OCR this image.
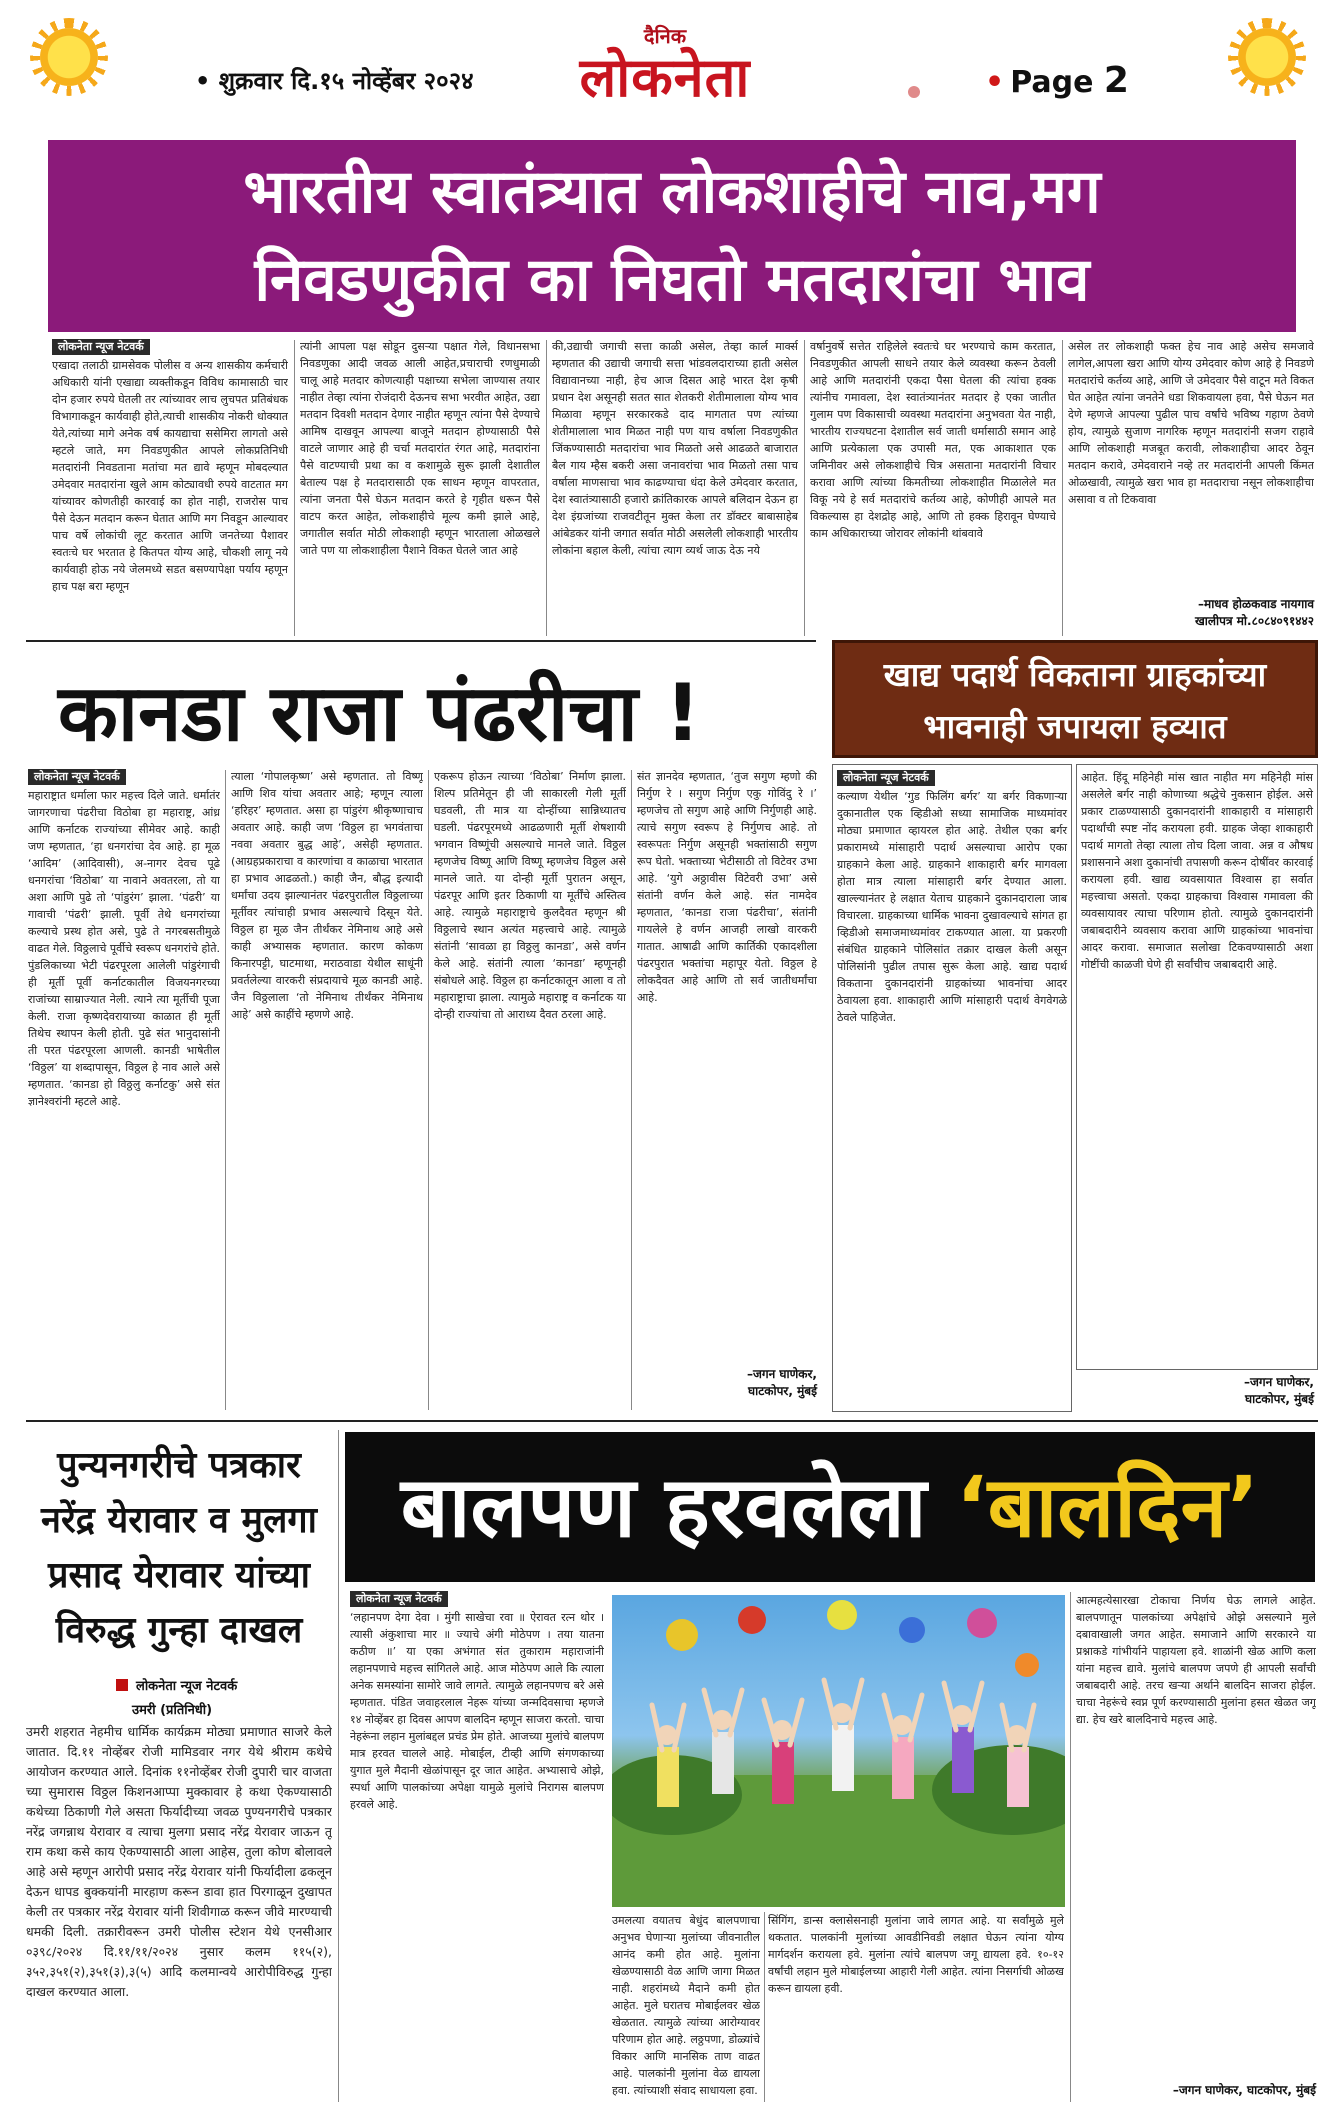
• शुक्रवार दि.१५ नोव्हेंबर २०२४
दैनिक
लोकनेता	• Page 2
भारतीय स्वातंत्र्यात लोकशाहीचे नाव,मग
निवडणुकीत का निघतो मतदारांचा भाव
लोकनेता न्यूज नेटवर्क

एखादा तलाठी ग्रामसेवक पोलीस व अन्य शासकीय कर्मचारी अधिकारी यांनी एखाद्या व्यक्तीकडून विविध कामासाठी चार दोन हजार रुपये घेतली तर त्यांच्यावर लाच लुचपत प्रतिबंधक विभागाकडून कार्यवाही होते,त्याची शासकीय नोकरी धोक्यात येते,त्यांच्या मागे अनेक वर्ष कायद्याचा ससेमिरा लागतो असे म्हटले जाते, मग निवडणुकीत आपले लोकप्रतिनिधी मतदारांनी निवडताना मतांचा मत द्यावे म्हणून मोबदल्यात उमेदवार मतदारांना खुले आम कोट्यावधी रुपये वाटतात मग यांच्यावर कोणतीही कारवाई का होत नाही, राजरोस पाच पैसे देऊन मतदान करून घेतात आणि मग निवडून आल्यावर पाच वर्षे लोकांची लूट करतात आणि जनतेच्या पैशावर स्वतःचे घर भरतात हे कितपत योग्य आहे, चौकशी लागू नये कार्यवाही होऊ नये जेलमध्ये सडत बसण्यापेक्षा पर्याय म्हणून हाच पक्ष बरा म्हणून

त्यांनी आपला पक्ष सोडून दुसऱ्या पक्षात गेले, विधानसभा निवडणुका आदी जवळ आली आहेत,प्रचाराची रणधुमाळी चालू आहे मतदार कोणत्याही पक्षाच्या सभेला जाण्यास तयार नाहीत तेव्हा त्यांना रोजंदारी देऊनच सभा भरवीत आहेत, उद्या मतदान दिवशी मतदान देणार नाहीत म्हणून त्यांना पैसे देण्याचे आमिष दाखवून आपल्या बाजूने मतदान होण्यासाठी पैसे वाटले जाणार आहे ही चर्चा मतदारांत रंगत आहे, मतदारांना पैसे वाटण्याची प्रथा का व कशामुळे सुरू झाली देशातील बेताल्य पक्ष हे मतदारासाठी एक साधन म्हणून वापरतात, त्यांना जनता पैसे घेऊन मतदान करते हे गृहीत धरून पैसे वाटप करत आहेत, लोकशाहीचे मूल्य कमी झाले आहे, जगातील सर्वात मोठी लोकशाही म्हणून भारताला ओळखले जाते पण या लोकशाहीला पैशाने विकत घेतले जात आहे

की,उद्याची जगाची सत्ता काळी असेल, तेव्हा कार्ल मार्क्स म्हणतात की उद्याची जगाची सत्ता भांडवलदाराच्या हाती असेल विद्यावानच्या नाही, हेच आज दिसत आहे भारत देश कृषी प्रधान देश असूनही सतत सात शेतकरी शेतीमालाला योग्य भाव मिळावा म्हणून सरकारकडे दाद मागतात पण त्यांच्या शेतीमालाला भाव मिळत नाही पण याच वर्षाला निवडणुकीत जिंकण्यासाठी मतदारांचा भाव मिळतो असे आढळते बाजारात बैल गाय म्हैस बकरी असा जनावरांचा भाव मिळतो तसा पाच वर्षाला माणसाचा भाव काढण्याचा धंदा केले उमेदवार करतात, देश स्वातंत्र्यासाठी हजारो क्रांतिकारक आपले बलिदान देऊन हा देश इंग्रजांच्या राजवटीतून मुक्त केला तर डॉक्टर बाबासाहेब आंबेडकर यांनी जगात सर्वात मोठी असलेली लोकशाही भारतीय लोकांना बहाल केली, त्यांचा त्याग व्यर्थ जाऊ देऊ नये

वर्षानुवर्षे सत्तेत राहिलेले स्वतःचे घर भरण्याचे काम करतात, निवडणुकीत आपली साधने तयार केले व्यवस्था करून ठेवली आहे आणि मतदारांनी एकदा पैसा घेतला की त्यांचा हक्क त्यांनीच गमावला, देश स्वातंत्र्यानंतर मतदार हे एका जातीत गुलाम पण विकासाची व्यवस्था मतदारांना अनुभवता येत नाही, भारतीय राज्यघटना देशातील सर्व जाती धर्मासाठी समान आहे आणि प्रत्येकाला एक उपासी मत, एक आकाशात एक जमिनीवर असे लोकशाहीचे चित्र असताना मतदारांनी विचार करावा आणि त्यांच्या किमतीच्या लोकशाहीत मिळालेले मत विकू नये हे सर्व मतदारांचे कर्तव्य आहे, कोणीही आपले मत विकल्यास हा देशद्रोह आहे, आणि तो हक्क हिरावून घेण्याचे काम अधिकाराच्या जोरावर लोकांनी थांबवावे

असेल तर लोकशाही फक्त हेच नाव आहे असेच समजावे लागेल,आपला खरा आणि योग्य उमेदवार कोण आहे हे निवडणे मतदारांचे कर्तव्य आहे, आणि जे उमेदवार पैसे वाटून मते विकत घेत आहेत त्यांना जनतेने धडा शिकवायला हवा, पैसे घेऊन मत देणे म्हणजे आपल्या पुढील पाच वर्षांचे भविष्य गहाण ठेवणे होय, त्यामुळे सुजाण नागरिक म्हणून मतदारांनी सजग राहावे आणि लोकशाही मजबूत करावी, लोकशाहीचा आदर ठेवून मतदान करावे, उमेदवाराने नव्हे तर मतदारांनी आपली किंमत ओळखावी, त्यामुळे खरा भाव हा मतदाराचा नसून लोकशाहीचा असावा व तो टिकवावा

–माधव होळकवाड नायगाव
खालीपत्र मो.८०८४०९१४४२
कानडा राजा पंढरीचा !
लोकनेता न्यूज नेटवर्क

महाराष्ट्रात धर्माला फार महत्त्व दिले जाते. धर्मातंर जागरणाचा पंढरीचा विठोबा हा महाराष्ट्र, आंध्र आणि कर्नाटक राज्यांच्या सीमेवर आहे. काही जण म्हणतात, ‘हा धनगरांचा देव आहे. हा मूळ ‘आदिम’ (आदिवासी), अ-नागर देवच पूढे धनगरांचा ‘विठोबा’ या नावाने अवतरला, तो या अशा आणि पुढे तो ‘पांडुरंग’ झाला. ‘पंढरी’ या गावाची ‘पंढरी’ झाली. पूर्वी तेथे धनगरांच्या कल्याचे प्रस्थ होत असे, पुढे ते नगरबसतीमुळे वाढत गेले. विठ्ठलाचे पूर्वीचे स्वरूप धनगरांचे होते. पुंडलिकाच्या भेटी पंढरपूरला आलेली पांडुरंगाची ही मूर्ती पूर्वी कर्नाटकातील विजयनगरच्या राजांच्या साम्राज्यात नेली. त्याने त्या मूर्तीची पूजा केली. राजा कृष्णदेवरायाच्या काळात ही मूर्ती तिथेच स्थापन केली होती. पुढे संत भानुदासांनी ती परत पंढरपूरला आणली. कानडी भाषेतील ‘विठ्ठल’ या शब्दापासून, विठ्ठल हे नाव आले असे म्हणतात. ‘कानडा हो विठ्ठलु कर्नाटकु’ असे संत ज्ञानेश्वरांनी म्हटले आहे.

त्याला ‘गोपालकृष्ण’ असे म्हणतात. तो विष्णू आणि शिव यांचा अवतार आहे; म्हणून त्याला ‘हरिहर’ म्हणतात. असा हा पांडुरंग श्रीकृष्णाचाच अवतार आहे. काही जण ‘विठ्ठल हा भगवंताचा नववा अवतार बुद्ध आहे’, असेही म्हणतात. (आग्रहप्रकाराचा व कारणांचा व काळाचा भारतात हा प्रभाव आढळतो.) काही जैन, बौद्ध इत्यादी धर्मांचा उदय झाल्यानंतर पंढरपुरातील विठ्ठलाच्या मूर्तीवर त्यांचाही प्रभाव असल्याचे दिसून येते. विठ्ठल हा मूळ जैन तीर्थंकर नेमिनाथ आहे असे काही अभ्यासक म्हणतात. कारण कोकण किनारपट्टी, घाटमाथा, मराठवाडा येथील साधूंनी प्रवर्तलेल्या वारकरी संप्रदायाचे मूळ कानडी आहे. जैन विठ्ठलाला ‘तो नेमिनाथ तीर्थंकर नेमिनाथ आहे’ असे काहींचे म्हणणे आहे.

एकरूप होऊन त्याच्या ‘विठोबा’ निर्माण झाला. शिल्प प्रतिमेतून ही जी साकारली गेली मूर्ती घडवली, ती मात्र या दोन्हींच्या सान्निध्यातच घडली. पंढरपूरमध्ये आढळणारी मूर्ती शेषशायी भगवान विष्णूंची असल्याचे मानले जाते. विठ्ठल म्हणजेच विष्णू आणि विष्णू म्हणजेच विठ्ठल असे मानले जाते. या दोन्ही मूर्ती पुरातन असून, पंढरपूर आणि इतर ठिकाणी या मूर्तींचे अस्तित्व आहे. त्यामुळे महाराष्ट्राचे कुलदैवत म्हणून श्री विठ्ठलाचे स्थान अत्यंत महत्त्वाचे आहे. त्यामुळे संतांनी ‘सावळा हा विठ्ठलु कानडा’, असे वर्णन केले आहे. संतांनी त्याला ‘कानडा’ म्हणूनही संबोधले आहे. विठ्ठल हा कर्नाटकातून आला व तो महाराष्ट्राचा झाला. त्यामुळे महाराष्ट्र व कर्नाटक या दोन्ही राज्यांचा तो आराध्य दैवत ठरला आहे.

संत ज्ञानदेव म्हणतात, ‘तुज सगुण म्हणो की निर्गुण रे । सगुण निर्गुण एकु गोविंदु रे ।’ म्हणजेच तो सगुण आहे आणि निर्गुणही आहे. त्याचे सगुण स्वरूप हे निर्गुणच आहे. तो स्वरूपतः निर्गुण असूनही भक्तांसाठी सगुण रूप घेतो. भक्ताच्या भेटीसाठी तो विटेवर उभा आहे. ‘युगे अठ्ठावीस विटेवरी उभा’ असे संतांनी वर्णन केले आहे. संत नामदेव म्हणतात, ‘कानडा राजा पंढरीचा’, संतांनी गायलेले हे वर्णन आजही लाखो वारकरी गातात. आषाढी आणि कार्तिकी एकादशीला पंढरपुरात भक्तांचा महापूर येतो. विठ्ठल हे लोकदैवत आहे आणि तो सर्व जातीधर्मांचा आहे.

–जगन घाणेकर,
घाटकोपर, मुंबई
खाद्य पदार्थ विकताना ग्राहकांच्या
भावनाही जपायला हव्यात
लोकनेता न्यूज नेटवर्क

कल्याण येथील ‘गुड फिलिंग बर्गर’ या बर्गर विकणाऱ्या दुकानातील एक व्हिडीओ सध्या सामाजिक माध्यमांवर मोठ्या प्रमाणात व्हायरल होत आहे. तेथील एका बर्गर प्रकारामध्ये मांसाहारी पदार्थ असल्याचा आरोप एका ग्राहकाने केला आहे. ग्राहकाने शाकाहारी बर्गर मागवला होता मात्र त्याला मांसाहारी बर्गर देण्यात आला. खाल्ल्यानंतर हे लक्षात येताच ग्राहकाने दुकानदाराला जाब विचारला. ग्राहकाच्या धार्मिक भावना दुखावल्याचे सांगत हा व्हिडीओ समाजमाध्यमांवर टाकण्यात आला. या प्रकरणी संबंधित ग्राहकाने पोलिसांत तक्रार दाखल केली असून पोलिसांनी पुढील तपास सुरू केला आहे. खाद्य पदार्थ विकताना दुकानदारांनी ग्राहकांच्या भावनांचा आदर ठेवायला हवा. शाकाहारी आणि मांसाहारी पदार्थ वेगवेगळे ठेवले पाहिजेत.

आहेत. हिंदू महिनेही मांस खात नाहीत मग महिनेही मांस असलेले बर्गर नाही कोणाच्या श्रद्धेचे नुकसान होईल. असे प्रकार टाळण्यासाठी दुकानदारांनी शाकाहारी व मांसाहारी पदार्थांची स्पष्ट नोंद करायला हवी. ग्राहक जेव्हा शाकाहारी पदार्थ मागतो तेव्हा त्याला तोच दिला जावा. अन्न व औषध प्रशासनाने अशा दुकानांची तपासणी करून दोषींवर कारवाई करायला हवी. खाद्य व्यवसायात विश्वास हा सर्वात महत्त्वाचा असतो. एकदा ग्राहकाचा विश्वास गमावला की व्यवसायावर त्याचा परिणाम होतो. त्यामुळे दुकानदारांनी जबाबदारीने व्यवसाय करावा आणि ग्राहकांच्या भावनांचा आदर करावा. समाजात सलोखा टिकवण्यासाठी अशा गोष्टींची काळजी घेणे ही सर्वांचीच जबाबदारी आहे.

–जगन घाणेकर,
घाटकोपर, मुंबई
पुन्यनगरीचे पत्रकार नरेंद्र येरावार व मुलगा प्रसाद येरावार यांच्या विरुद्ध गुन्हा दाखल
लोकनेता न्यूज नेटवर्क
उमरी (प्रतिनिधी)

उमरी शहरात नेहमीच धार्मिक कार्यक्रम मोठ्या प्रमाणात साजरे केले जातात. दि.११ नोव्हेंबर रोजी मामिडवार नगर येथे श्रीराम कथेचे आयोजन करण्यात आले. दिनांक ११नोव्हेंबर रोजी दुपारी चार वाजता च्या सुमारास विठ्ठल किशनआप्पा मुक्कावार हे कथा ऐकण्यासाठी कथेच्या ठिकाणी गेले असता फिर्यादीच्या जवळ पुण्यनगरीचे पत्रकार नरेंद्र जगन्नाथ येरावार व त्याचा मुलगा प्रसाद नरेंद्र येरावार जाऊन तू राम कथा कसे काय ऐकण्यासाठी आला आहेस, तुला कोण बोलावले आहे असे म्हणून आरोपी प्रसाद नरेंद्र येरावार यांनी फिर्यादीला ढकलून देऊन धापड बुक्कयांनी मारहाण करून डावा हात पिरगाळून दुखापत केली तर पत्रकार नरेंद्र येरावार यांनी शिवीगाळ करून जीवे मारण्याची धमकी दिली. तक्रारीवरून उमरी पोलीस स्टेशन येथे एनसीआर ०३९८/२०२४ दि.११/११/२०२४ नुसार कलम ११५(२), ३५२,३५१(२),३५१(३),३(५) आदि कलमान्वये आरोपीविरुद्ध गुन्हा दाखल करण्यात आला.

बालपण हरवलेला ‘बालदिन’
लोकनेता न्यूज नेटवर्क

‘लहानपण देगा देवा । मुंगी साखेचा रवा ॥ ऐरावत रत्न थोर । त्यासी अंकुशाचा मार ॥ ज्याचे अंगी मोठेपण । तया यातना कठीण ॥’ या एका अभंगात संत तुकाराम महाराजांनी लहानपणाचे महत्त्व सांगितले आहे. आज मोठेपण आले कि त्याला अनेक समस्यांना सामोरे जावे लागते. त्यामुळे लहानपणच बरे असे म्हणतात. पंडित जवाहरलाल नेहरू यांच्या जन्मदिवसाचा म्हणजे १४ नोव्हेंबर हा दिवस आपण बालदिन म्हणून साजरा करतो. चाचा नेहरूंना लहान मुलांबद्दल प्रचंड प्रेम होते. आजच्या मुलांचे बालपण मात्र हरवत चालले आहे. मोबाईल, टीव्ही आणि संगणकाच्या युगात मुले मैदानी खेळांपासून दूर जात आहेत. अभ्यासाचे ओझे, स्पर्धा आणि पालकांच्या अपेक्षा यामुळे मुलांचे निरागस बालपण हरवले आहे.

उमलत्या वयातच बेधुंद बालपणाचा अनुभव घेणाऱ्या मुलांच्या जीवनातील आनंद कमी होत आहे. मुलांना खेळण्यासाठी वेळ आणि जागा मिळत नाही. शहरांमध्ये मैदाने कमी होत आहेत. मुले घरातच मोबाईलवर खेळ खेळतात. त्यामुळे त्यांच्या आरोग्यावर परिणाम होत आहे. लठ्ठपणा, डोळ्यांचे विकार आणि मानसिक ताण वाढत आहे. पालकांनी मुलांना वेळ द्यायला हवा. त्यांच्याशी संवाद साधायला हवा.

सिंगिंग, डान्स क्लासेसनाही मुलांना जावे लागत आहे. या सर्वांमुळे मुले थकतात. पालकांनी मुलांच्या आवडीनिवडी लक्षात घेऊन त्यांना योग्य मार्गदर्शन करायला हवे. मुलांना त्यांचे बालपण जगू द्यायला हवे. १०-१२ वर्षांची लहान मुले मोबाईलच्या आहारी गेली आहेत. त्यांना निसर्गाची ओळख करून द्यायला हवी.

आत्महत्येसारखा टोकाचा निर्णय घेऊ लागले आहेत. बालपणातून पालकांच्या अपेक्षांचे ओझे असल्याने मुले दबावाखाली जगत आहेत. समाजाने आणि सरकारने या प्रश्नाकडे गांभीर्याने पाहायला हवे. शाळांनी खेळ आणि कला यांना महत्त्व द्यावे. मुलांचे बालपण जपणे ही आपली सर्वांची जबाबदारी आहे. तरच खऱ्या अर्थाने बालदिन साजरा होईल. चाचा नेहरूंचे स्वप्न पूर्ण करण्यासाठी मुलांना हसत खेळत जगू द्या. हेच खरे बालदिनाचे महत्त्व आहे.

–जगन घाणेकर, घाटकोपर, मुंबई
